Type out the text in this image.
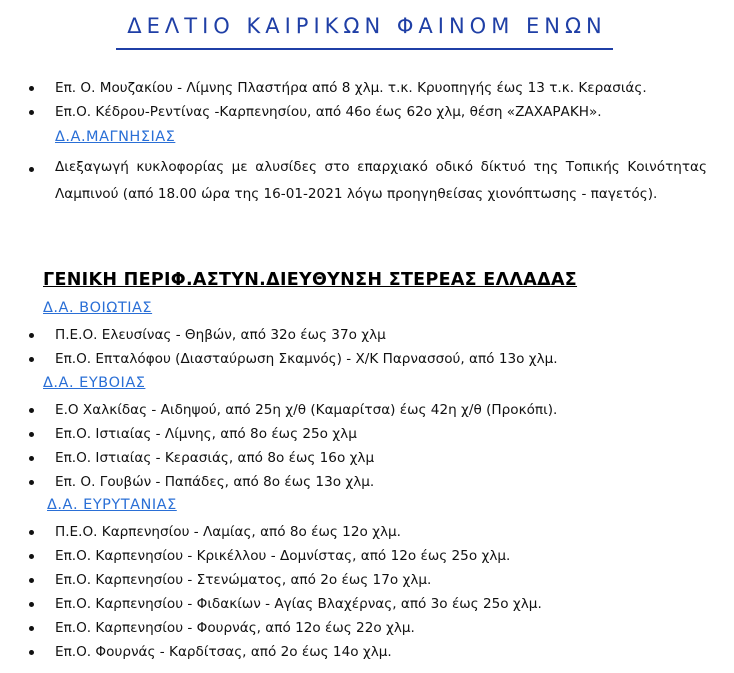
ΔΕΛΤΙΟ ΚΑΙΡΙΚΩΝ ΦΑΙΝΟΜ ΕΝΩΝ
Επ. Ο. Μουζακίου - Λίμνης Πλαστήρα από 8 χλμ. τ.κ. Κρυοπηγής έως 13 τ.κ. Κερασιάς.
Επ.Ο. Κέδρου-Ρεντίνας -Καρπενησίου, από 46ο έως 62ο χλμ, θέση «ΖΑΧΑΡΑΚΗ».
Δ.Α.ΜΑΓΝΗΣΙΑΣ
Διεξαγωγή κυκλοφορίας με αλυσίδες στο επαρχιακό οδικό δίκτυό της Τοπικής Κοινότητας Λαμπινού (από 18.00 ώρα της 16-01-2021 λόγω προηγηθείσας χιονόπτωσης - παγετός).
ΓΕΝΙΚΗ ΠΕΡΙΦ.ΑΣΤΥΝ.ΔΙΕΥΘΥΝΣΗ ΣΤΕΡΕΑΣ ΕΛΛΑΔΑΣ
Δ.Α. ΒΟΙΩΤΙΑΣ
Π.Ε.Ο. Ελευσίνας - Θηβών, από 32ο έως 37ο χλμ
Επ.Ο. Επταλόφου (Διασταύρωση Σκαμνός) - Χ/Κ Παρνασσού, από 13ο χλμ.
Δ.Α. ΕΥΒΟΙΑΣ
Ε.Ο Χαλκίδας - Αιδηψού, από 25η χ/θ (Καμαρίτσα) έως 42η χ/θ (Προκόπι).
Επ.Ο. Ιστιαίας - Λίμνης, από 8ο έως 25ο χλμ
Επ.Ο. Ιστιαίας - Κερασιάς, από 8ο έως 16ο χλμ
Επ. Ο. Γουβών - Παπάδες, από 8ο έως 13ο χλμ.
Δ.Α. ΕΥΡΥΤΑΝΙΑΣ
Π.Ε.Ο. Καρπενησίου - Λαμίας, από 8ο έως 12ο χλμ.
Επ.Ο. Καρπενησίου - Κρικέλλου - Δομνίστας, από 12ο έως 25ο χλμ.
Επ.Ο. Καρπενησίου - Στενώματος, από 2ο έως 17ο χλμ.
Επ.Ο. Καρπενησίου - Φιδακίων - Αγίας Βλαχέρνας, από 3ο έως 25ο χλμ.
Επ.Ο. Καρπενησίου - Φουρνάς, από 12ο έως 22ο χλμ.
Επ.Ο. Φουρνάς - Καρδίτσας, από 2ο έως 14ο χλμ.
